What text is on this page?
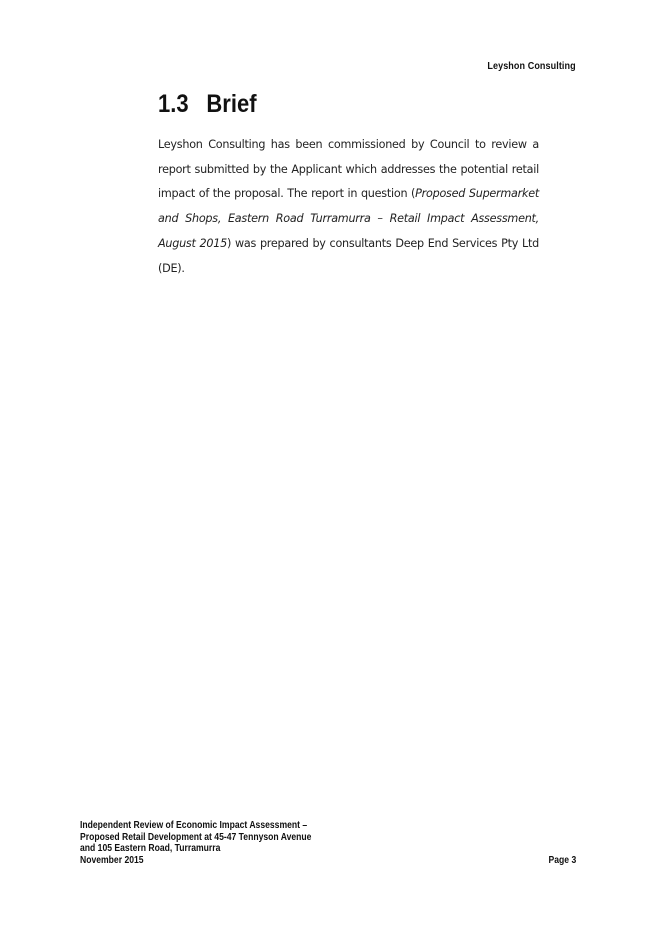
Leyshon Consulting
1.3 Brief
Leyshon Consulting has been commissioned by Council to review a report submitted by the Applicant which addresses the potential retail impact of the proposal. The report in question (Proposed Supermarket and Shops, Eastern Road Turramurra – Retail Impact Assessment, August 2015) was prepared by consultants Deep End Services Pty Ltd (DE).
Independent Review of Economic Impact Assessment –
Proposed Retail Development at 45-47 Tennyson Avenue
and 105 Eastern Road, Turramurra
November 2015	Page 3
